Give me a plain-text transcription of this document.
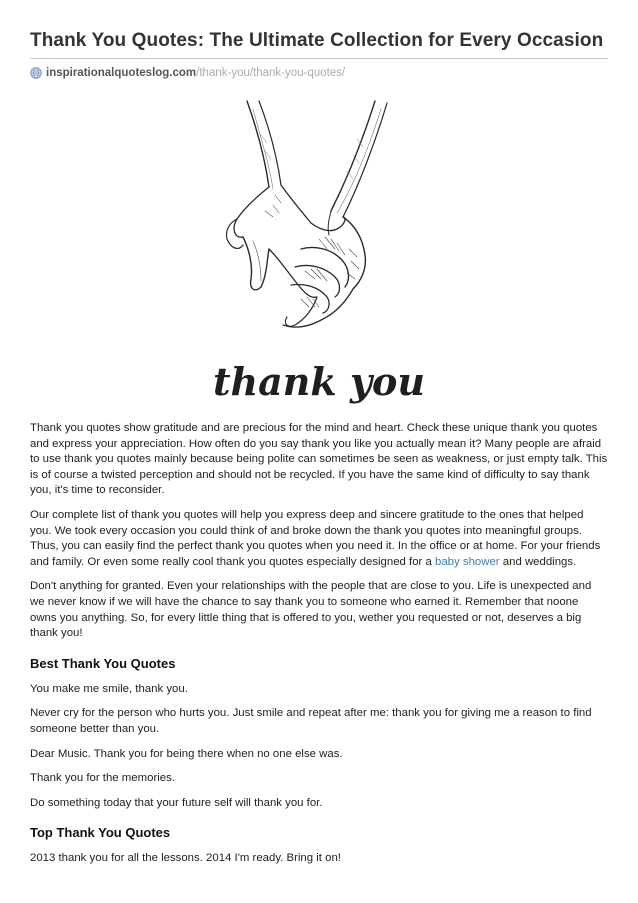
Thank You Quotes: The Ultimate Collection for Every Occasion
inspirationalquoteslog.com /thank-you/thank-you-quotes/
thank you

Thank you quotes show gratitude and are precious for the mind and heart. Check these unique thank you quotes and express your appreciation. How often do you say thank you like you actually mean it? Many people are afraid to use thank you quotes mainly because being polite can sometimes be seen as weakness, or just empty talk. This is of course a twisted perception and should not be recycled. If you have the same kind of difficulty to say thank you, it's time to reconsider.

Our complete list of thank you quotes will help you express deep and sincere gratitude to the ones that helped you. We took every occasion you could think of and broke down the thank you quotes into meaningful groups. Thus, you can easily find the perfect thank you quotes when you need it. In the office or at home. For your friends and family. Or even some really cool thank you quotes especially designed for a baby shower and weddings.

Don't anything for granted. Even your relationships with the people that are close to you. Life is unexpected and we never know if we will have the chance to say thank you to someone who earned it. Remember that noone owns you anything. So, for every little thing that is offered to you, wether you requested or not, deserves a big thank you!

Best Thank You Quotes

You make me smile, thank you.

Never cry for the person who hurts you. Just smile and repeat after me: thank you for giving me a reason to find someone better than you.

Dear Music. Thank you for being there when no one else was.

Thank you for the memories.

Do something today that your future self will thank you for.

Top Thank You Quotes

2013 thank you for all the lessons. 2014 I'm ready. Bring it on!
